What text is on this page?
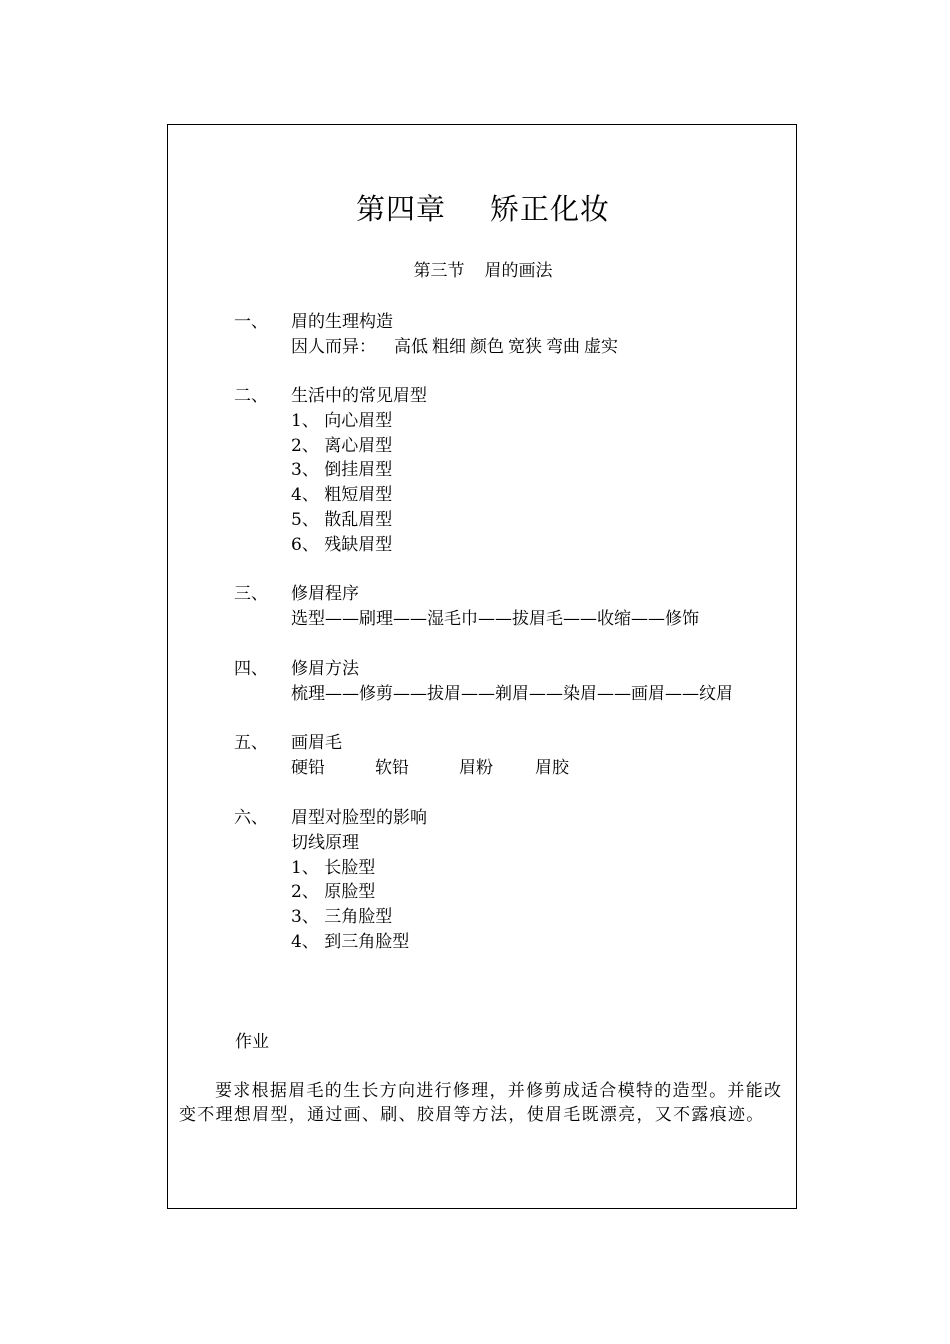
第四章 矫正化妆
第三节 眉的画法
一、 眉的生理构造
因人而异： 高低 粗细 颜色 宽狭 弯曲 虚实
二、 生活中的常见眉型
1、 向心眉型
2、 离心眉型
3、 倒挂眉型
4、 粗短眉型
5、 散乱眉型
6、 残缺眉型
三、 修眉程序
选型——刷理——湿毛巾——拔眉毛——收缩——修饰
四、 修眉方法
梳理——修剪——拔眉——剃眉——染眉——画眉——纹眉
五、 画眉毛
硬铅	软铅	眉粉 眉胶
六、 眉型对脸型的影响
切线原理
1、 长脸型
2、 原脸型
3、 三角脸型
4、 到三角脸型
作业
要求根据眉毛的生长方向进行修理，并修剪成适合模特的造型。并能改变不理想眉型，通过画、刷、胶眉等方法，使眉毛既漂亮，又不露痕迹。
